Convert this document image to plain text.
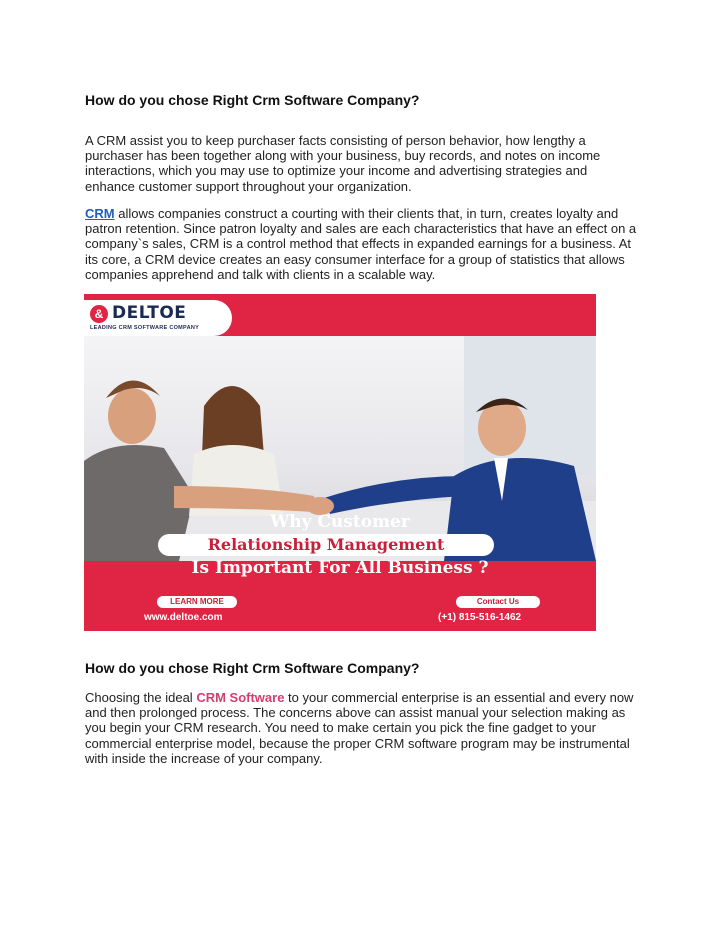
How do you chose Right Crm Software Company?
A CRM assist you to keep purchaser facts consisting of person behavior, how lengthy a
purchaser has been together along with your business, buy records, and notes on income
interactions, which you may use to optimize your income and advertising strategies and
enhance customer support throughout your organization.
CRM allows companies construct a courting with their clients that, in turn, creates loyalty and
patron retention. Since patron loyalty and sales are each characteristics that have an effect on a
company`s sales, CRM is a control method that effects in expanded earnings for a business. At
its core, a CRM device creates an easy consumer interface for a group of statistics that allows
companies apprehend and talk with clients in a scalable way.
& DELTOE
LEADING CRM SOFTWARE COMPANY
Why Customer
Relationship Management
Is Important For All Business ?
LEARN MORE	Contact Us
www.deltoe.com	(+1) 815-516-1462
How do you chose Right Crm Software Company?
Choosing the ideal CRM Software to your commercial enterprise is an essential and every now
and then prolonged process. The concerns above can assist manual your selection making as
you begin your CRM research. You need to make certain you pick the fine gadget to your
commercial enterprise model, because the proper CRM software program may be instrumental
with inside the increase of your company.
